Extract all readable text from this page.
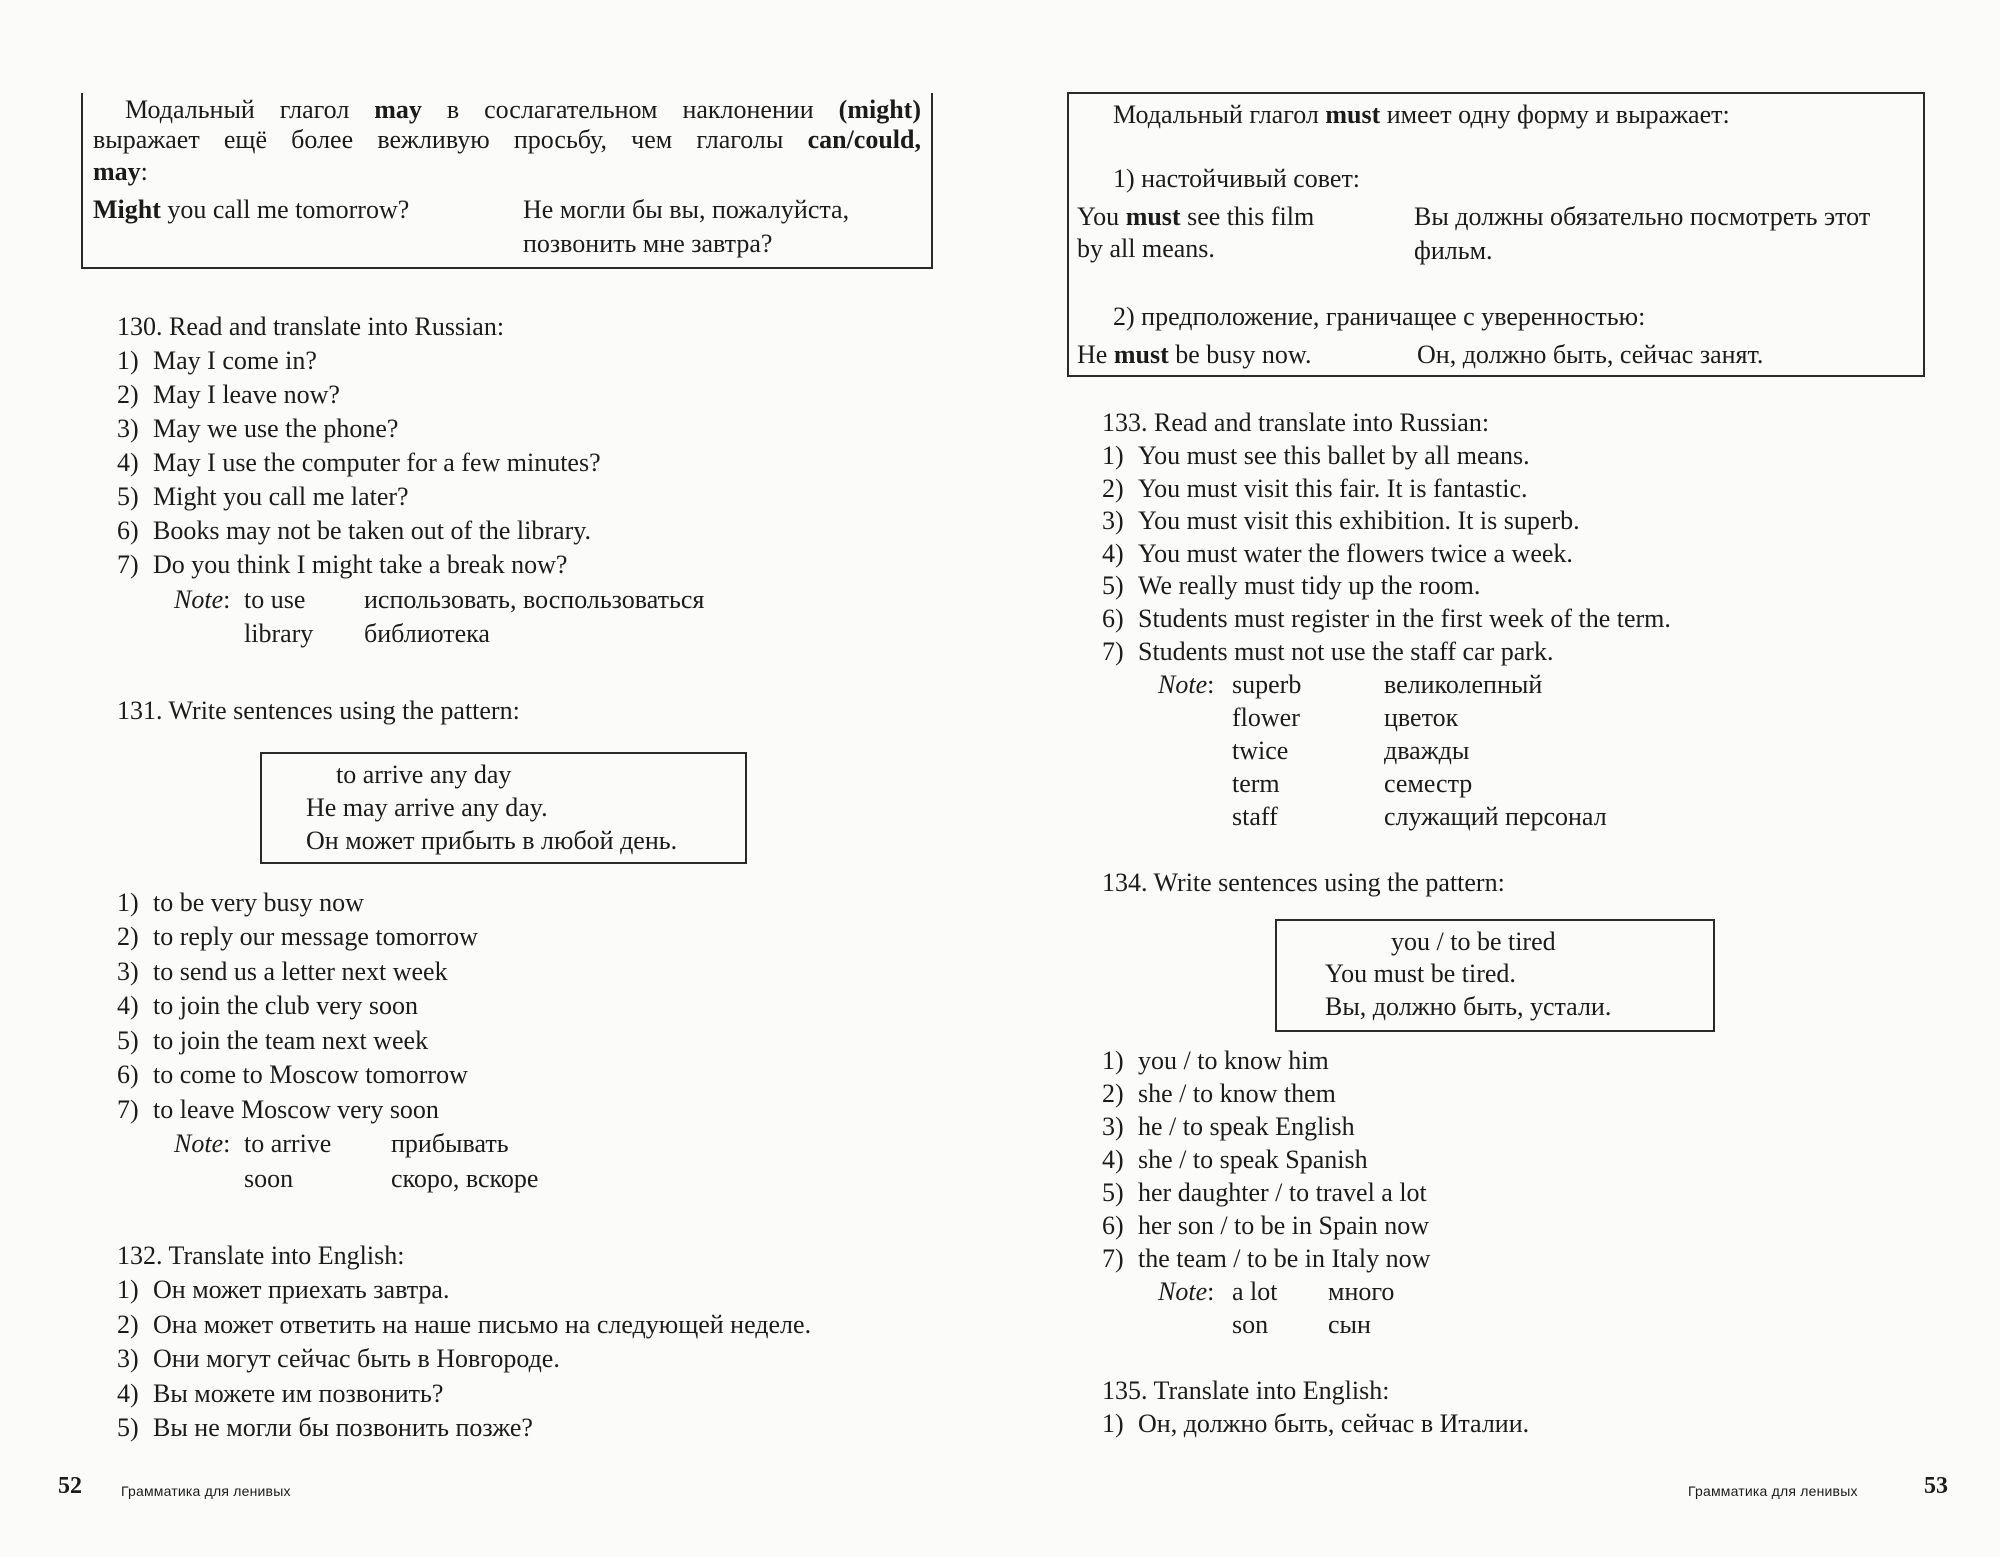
Модальный глагол may в сослагательном наклонении (might)
выражает ещё более вежливую просьбу, чем глаголы can/could,
may:
Might you call me tomorrow?	Не могли бы вы, пожалуйста,
позвонить мне завтра?
130. Read and translate into Russian:
1) May I come in?
2) May I leave now?
3) May we use the phone?
4) May I use the computer for a few minutes?
5) Might you call me later?
6) Books may not be taken out of the library.
7) Do you think I might take a break now?
Note: to use использовать, воспользоваться
library библиотека
131. Write sentences using the pattern:
to arrive any day
He may arrive any day.
Он может прибыть в любой день.
1) to be very busy now
2) to reply our message tomorrow
3) to send us a letter next week
4) to join the club very soon
5) to join the team next week
6) to come to Moscow tomorrow
7) to leave Moscow very soon
Note: to arrive прибывать
soon	скоро, вскоре
132. Translate into English:
1) Он может приехать завтра.
2) Она может ответить на наше письмо на следующей неделе.
3) Они могут сейчас быть в Новгороде.
4) Вы можете им позвонить?
5) Вы не могли бы позвонить позже?
52	Грамматика для ленивых
Модальный глагол must имеет одну форму и выражает:
1) настойчивый совет:
You must see this film
by all means.
Вы должны обязательно посмотреть этот
фильм.
2) предположение, граничащее с уверенностью:
He must be busy now.	Он, должно быть, сейчас занят.
133. Read and translate into Russian:
1) You must see this ballet by all means.
2) You must visit this fair. It is fantastic.
3) You must visit this exhibition. It is superb.
4) You must water the flowers twice a week.
5) We really must tidy up the room.
6) Students must register in the first week of the term.
7) Students must not use the staff car park.
Note: superb	великолепный
flower	цветок
twice	дважды
term	семестр
staff	служащий персонал
134. Write sentences using the pattern:
you / to be tired
You must be tired.
Вы, должно быть, устали.
1) you / to know him
2) she / to know them
3) he / to speak English
4) she / to speak Spanish
5) her daughter / to travel a lot
6) her son / to be in Spain now
7) the team / to be in Italy now
Note: a lot много
son сын
135. Translate into English:
1) Он, должно быть, сейчас в Италии.
Грамматика для ленивых	53
